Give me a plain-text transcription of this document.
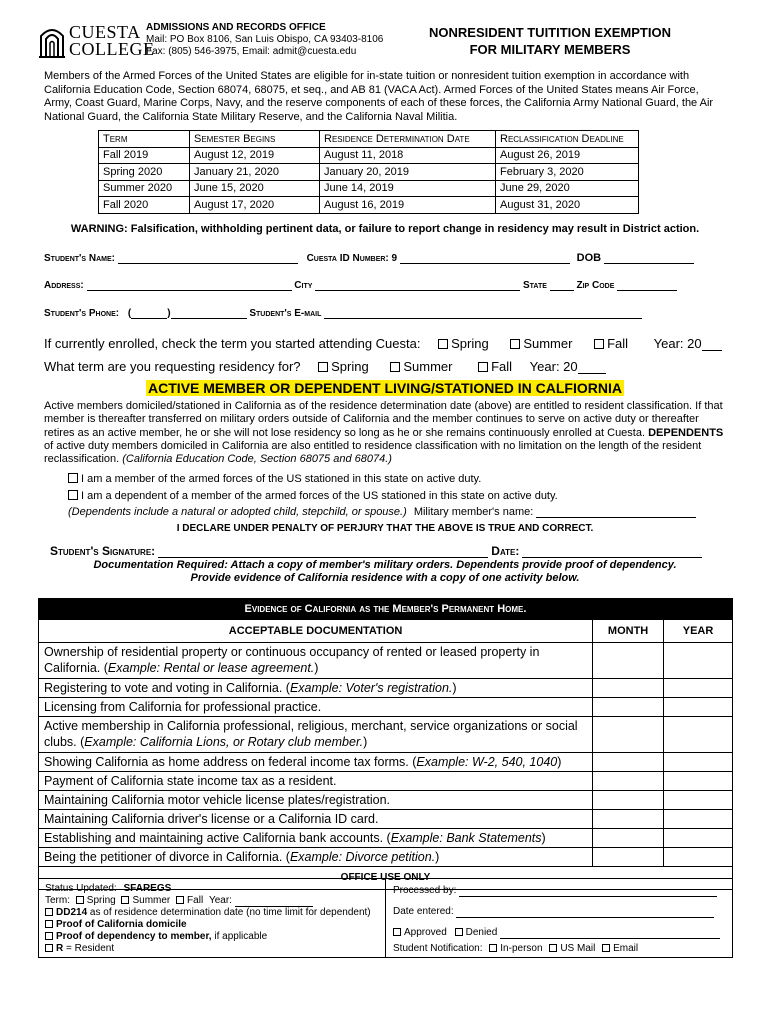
CUESTA
COLLEGE
ADMISSIONS AND RECORDS OFFICE
Mail: PO Box 8106, San Luis Obispo, CA 93403-8106
Fax: (805) 546-3975, Email: admit@cuesta.edu
NONRESIDENT TUITITION EXEMPTION
FOR MILITARY MEMBERS
Members of the Armed Forces of the United States are eligible for in-state tuition or nonresident tuition exemption in accordance with California Education Code, Section 68074, 68075, et seq., and AB 81 (VACA Act). Armed Forces of the United States means Air Force, Army, Coast Guard, Marine Corps, Navy, and the reserve components of each of these forces, the California Army National Guard, the Air National Guard, the California State Military Reserve, and the California Naval Militia.
Term	Semester Begins	Residence Determination Date	Reclassification Deadline
Fall 2019	August 12, 2019	August 11, 2018	August 26, 2019
Spring 2020	January 21, 2020	January 20, 2019	February 3, 2020
Summer 2020	June 15, 2020	June 14, 2019	June 29, 2020
Fall 2020	August 17, 2020	August 16, 2019	August 31, 2020
WARNING: Falsification, withholding pertinent data, or failure to report change in residency may result in District action.
Student's Name:	Cuesta ID Number: 9	DOB
Address:	City	State	Zip Code
Student's Phone: (	)	Student's E-mail
If currently enrolled, check the term you started attending Cuesta: Spring	Summer	Fall Year: 20
What term are you requesting residency for? Spring	Summer	Fall Year: 20
ACTIVE MEMBER OR DEPENDENT LIVING/STATIONED IN CALFIORNIA
Active members domiciled/stationed in California as of the residence determination date (above) are entitled to resident classification. If that member is thereafter transferred on military orders outside of California and the member continues to serve on active duty or thereafter retires as an active member, he or she will not lose residency so long as he or she remains continuously enrolled at Cuesta. DEPENDENTS of active duty members domiciled in California are also entitled to residence classification with no limitation on the length of the resident reclassification. (California Education Code, Section 68075 and 68074.)
I am a member of the armed forces of the US stationed in this state on active duty.
I am a dependent of a member of the armed forces of the US stationed in this state on active duty.
(Dependents include a natural or adopted child, stepchild, or spouse.) Military member's name:
I DECLARE UNDER PENALTY OF PERJURY THAT THE ABOVE IS TRUE AND CORRECT.
Student's Signature:	Date:
Documentation Required: Attach a copy of member's military orders. Dependents provide proof of dependency.
Provide evidence of California residence with a copy of one activity below.
Evidence of California as the Member's Permanent Home.		
ACCEPTABLE DOCUMENTATION	MONTH	YEAR
Ownership of residential property or continuous occupancy of rented or leased property in California. (Example: Rental or lease agreement.)		
Registering to vote and voting in California. (Example: Voter's registration.)		
Licensing from California for professional practice.		
Active membership in California professional, religious, merchant, service organizations or social clubs. (Example: California Lions, or Rotary club member.)		
Showing California as home address on federal income tax forms. (Example: W-2, 540, 1040)		
Payment of California state income tax as a resident.		
Maintaining California motor vehicle license plates/registration.		
Maintaining California driver's license or a California ID card.		
Establishing and maintaining active California bank accounts. (Example: Bank Statements)		
Being the petitioner of divorce in California. (Example: Divorce petition.)		
OFFICE USE ONLY		
Status Updated: SFAREGS
Term: Spring Summer Fall Year:
DD214 as of residence determination date (no time limit for dependent)
Proof of California domicile
Proof of dependency to member, if applicable
R = Resident
Processed by:
Date entered:
Approved Denied
Student Notification: In-person US Mail Email
